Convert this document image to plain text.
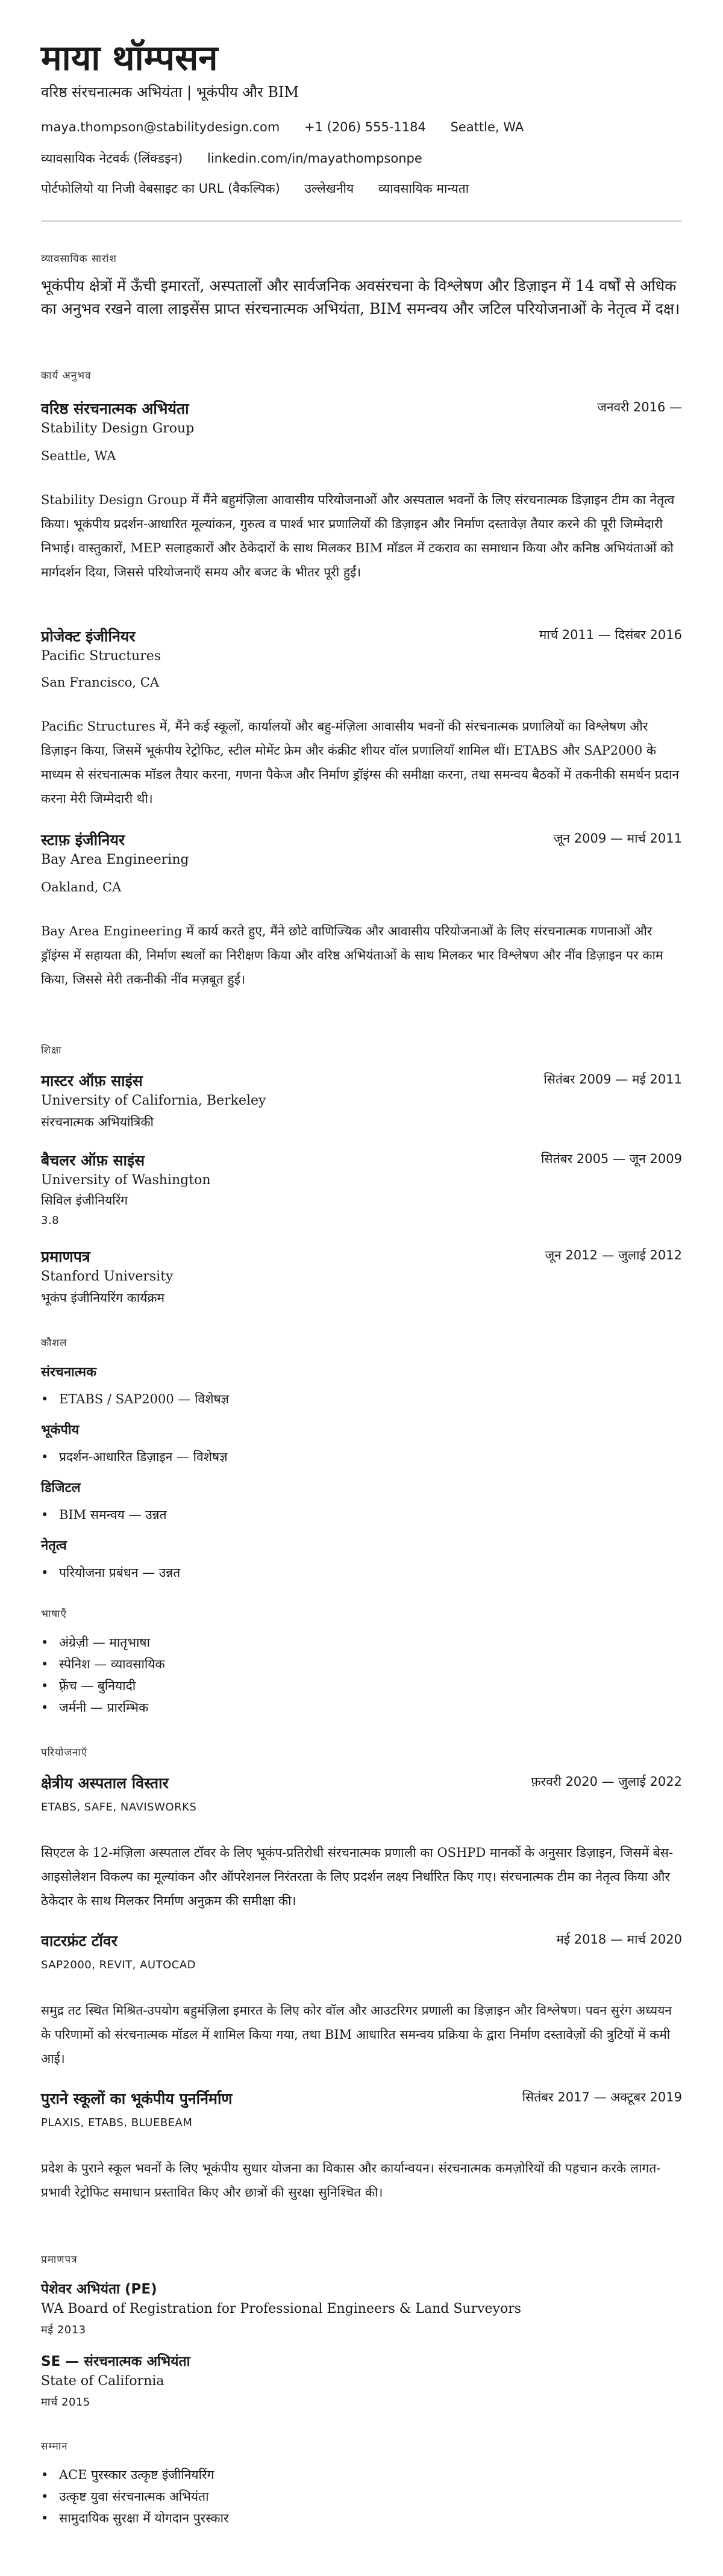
माया थॉम्पसन
वरिष्ठ संरचनात्मक अभियंता | भूकंपीय और BIM
maya.thompson@stabilitydesign.com +1 (206) 555-1184 Seattle, WA
व्यावसायिक नेटवर्क (लिंक्डइन) linkedin.com/in/mayathompsonpe
पोर्टफोलियो या निजी वेबसाइट का URL (वैकल्पिक) उल्लेखनीय व्यावसायिक मान्यता
व्यावसायिक सारांश

भूकंपीय क्षेत्रों में ऊँची इमारतों, अस्पतालों और सार्वजनिक अवसंरचना के विश्लेषण और डिज़ाइन में 14 वर्षों से अधिक का अनुभव रखने वाला लाइसेंस प्राप्त संरचनात्मक अभियंता, BIM समन्वय और जटिल परियोजनाओं के नेतृत्व में दक्ष।

कार्य अनुभव
वरिष्ठ संरचनात्मक अभियंता	जनवरी 2016 —
Stability Design Group
Seattle, WA

Stability Design Group में मैंने बहुमंज़िला आवासीय परियोजनाओं और अस्पताल भवनों के लिए संरचनात्मक डिज़ाइन टीम का नेतृत्व किया। भूकंपीय प्रदर्शन-आधारित मूल्यांकन, गुरुत्व व पार्श्व भार प्रणालियों की डिज़ाइन और निर्माण दस्तावेज़ तैयार करने की पूरी जिम्मेदारी निभाई। वास्तुकारों, MEP सलाहकारों और ठेकेदारों के साथ मिलकर BIM मॉडल में टकराव का समाधान किया और कनिष्ठ अभियंताओं को मार्गदर्शन दिया, जिससे परियोजनाएँ समय और बजट के भीतर पूरी हुईं।

प्रोजेक्ट इंजीनियर	मार्च 2011 — दिसंबर 2016
Pacific Structures
San Francisco, CA

Pacific Structures में, मैंने कई स्कूलों, कार्यालयों और बहु-मंज़िला आवासीय भवनों की संरचनात्मक प्रणालियों का विश्लेषण और डिज़ाइन किया, जिसमें भूकंपीय रेट्रोफिट, स्टील मोमेंट फ्रेम और कंक्रीट शीयर वॉल प्रणालियाँ शामिल थीं। ETABS और SAP2000 के माध्यम से संरचनात्मक मॉडल तैयार करना, गणना पैकेज और निर्माण ड्रॉइंग्स की समीक्षा करना, तथा समन्वय बैठकों में तकनीकी समर्थन प्रदान करना मेरी जिम्मेदारी थी।

स्टाफ़ इंजीनियर	जून 2009 — मार्च 2011
Bay Area Engineering
Oakland, CA

Bay Area Engineering में कार्य करते हुए, मैंने छोटे वाणिज्यिक और आवासीय परियोजनाओं के लिए संरचनात्मक गणनाओं और ड्रॉइंग्स में सहायता की, निर्माण स्थलों का निरीक्षण किया और वरिष्ठ अभियंताओं के साथ मिलकर भार विश्लेषण और नींव डिज़ाइन पर काम किया, जिससे मेरी तकनीकी नींव मज़बूत हुई।

शिक्षा
मास्टर ऑफ़ साइंस	सितंबर 2009 — मई 2011
University of California, Berkeley
संरचनात्मक अभियांत्रिकी
बैचलर ऑफ़ साइंस	सितंबर 2005 — जून 2009
University of Washington
सिविल इंजीनियरिंग
3.8
प्रमाणपत्र	जून 2012 — जुलाई 2012
Stanford University
भूकंप इंजीनियरिंग कार्यक्रम
कौशल
संरचनात्मक
• ETABS / SAP2000 — विशेषज्ञ
भूकंपीय
• प्रदर्शन-आधारित डिज़ाइन — विशेषज्ञ
डिजिटल
• BIM समन्वय — उन्नत
नेतृत्व
• परियोजना प्रबंधन — उन्नत
भाषाएँ
• अंग्रेज़ी — मातृभाषा
• स्पेनिश — व्यावसायिक
• फ़्रेंच — बुनियादी
• जर्मनी — प्रारम्भिक
परियोजनाएँ
क्षेत्रीय अस्पताल विस्तार	फ़रवरी 2020 — जुलाई 2022
ETABS, SAFE, NAVISWORKS

सिएटल के 12-मंज़िला अस्पताल टॉवर के लिए भूकंप-प्रतिरोधी संरचनात्मक प्रणाली का OSHPD मानकों के अनुसार डिज़ाइन, जिसमें बेस-आइसोलेशन विकल्प का मूल्यांकन और ऑपरेशनल निरंतरता के लिए प्रदर्शन लक्ष्य निर्धारित किए गए। संरचनात्मक टीम का नेतृत्व किया और ठेकेदार के साथ मिलकर निर्माण अनुक्रम की समीक्षा की।

वाटरफ्रंट टॉवर	मई 2018 — मार्च 2020
SAP2000, REVIT, AUTOCAD

समुद्र तट स्थित मिश्रित-उपयोग बहुमंज़िला इमारत के लिए कोर वॉल और आउटरिगर प्रणाली का डिज़ाइन और विश्लेषण। पवन सुरंग अध्ययन के परिणामों को संरचनात्मक मॉडल में शामिल किया गया, तथा BIM आधारित समन्वय प्रक्रिया के द्वारा निर्माण दस्तावेज़ों की त्रुटियों में कमी आई।

पुराने स्कूलों का भूकंपीय पुनर्निर्माण	सितंबर 2017 — अक्टूबर 2019
PLAXIS, ETABS, BLUEBEAM

प्रदेश के पुराने स्कूल भवनों के लिए भूकंपीय सुधार योजना का विकास और कार्यान्वयन। संरचनात्मक कमज़ोरियों की पहचान करके लागत-प्रभावी रेट्रोफिट समाधान प्रस्तावित किए और छात्रों की सुरक्षा सुनिश्चित की।

प्रमाणपत्र
पेशेवर अभियंता (PE)
WA Board of Registration for Professional Engineers & Land Surveyors
मई 2013
SE — संरचनात्मक अभियंता
State of California
मार्च 2015
सम्मान
• ACE पुरस्कार उत्कृष्ट इंजीनियरिंग
• उत्कृष्ट युवा संरचनात्मक अभियंता
• सामुदायिक सुरक्षा में योगदान पुरस्कार
